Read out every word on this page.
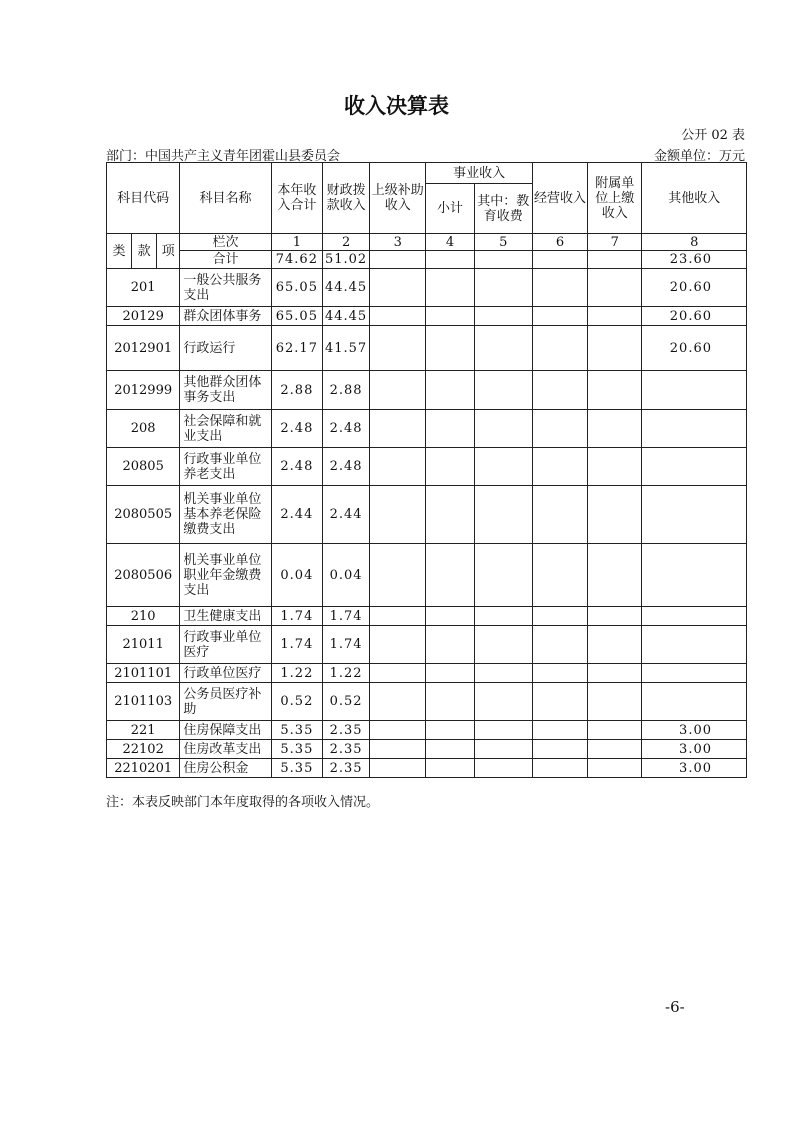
收入决算表
公开 02 表
部门：中国共产主义青年团霍山县委员会	金额单位：万元
科目代码			科目名称	本年收入合计	财政拨款收入	上级补助收入	事业收入		经营收入	附属单位上缴收入	其他收入
							小计	其中：教育收费			

类	款	项	栏次	1	2	3	4	5	6	7	8
			合计	74.62	51.02						23.60
201			一般公共服务支出	65.05	44.45						20.60
20129			群众团体事务	65.05	44.45						20.60
2012901			行政运行	62.17	41.57						20.60
2012999			其他群众团体事务支出	2.88	2.88						
208			社会保障和就业支出	2.48	2.48						
20805			行政事业单位养老支出	2.48	2.48						
2080505			机关事业单位基本养老保险缴费支出	2.44	2.44						
2080506			机关事业单位职业年金缴费支出	0.04	0.04						
210			卫生健康支出	1.74	1.74						
21011			行政事业单位医疗	1.74	1.74						
2101101			行政单位医疗	1.22	1.22						
2101103			公务员医疗补助	0.52	0.52						
221			住房保障支出	5.35	2.35						3.00
22102			住房改革支出	5.35	2.35						3.00
2210201			住房公积金	5.35	2.35						3.00
注：本表反映部门本年度取得的各项收入情况。
-6-
